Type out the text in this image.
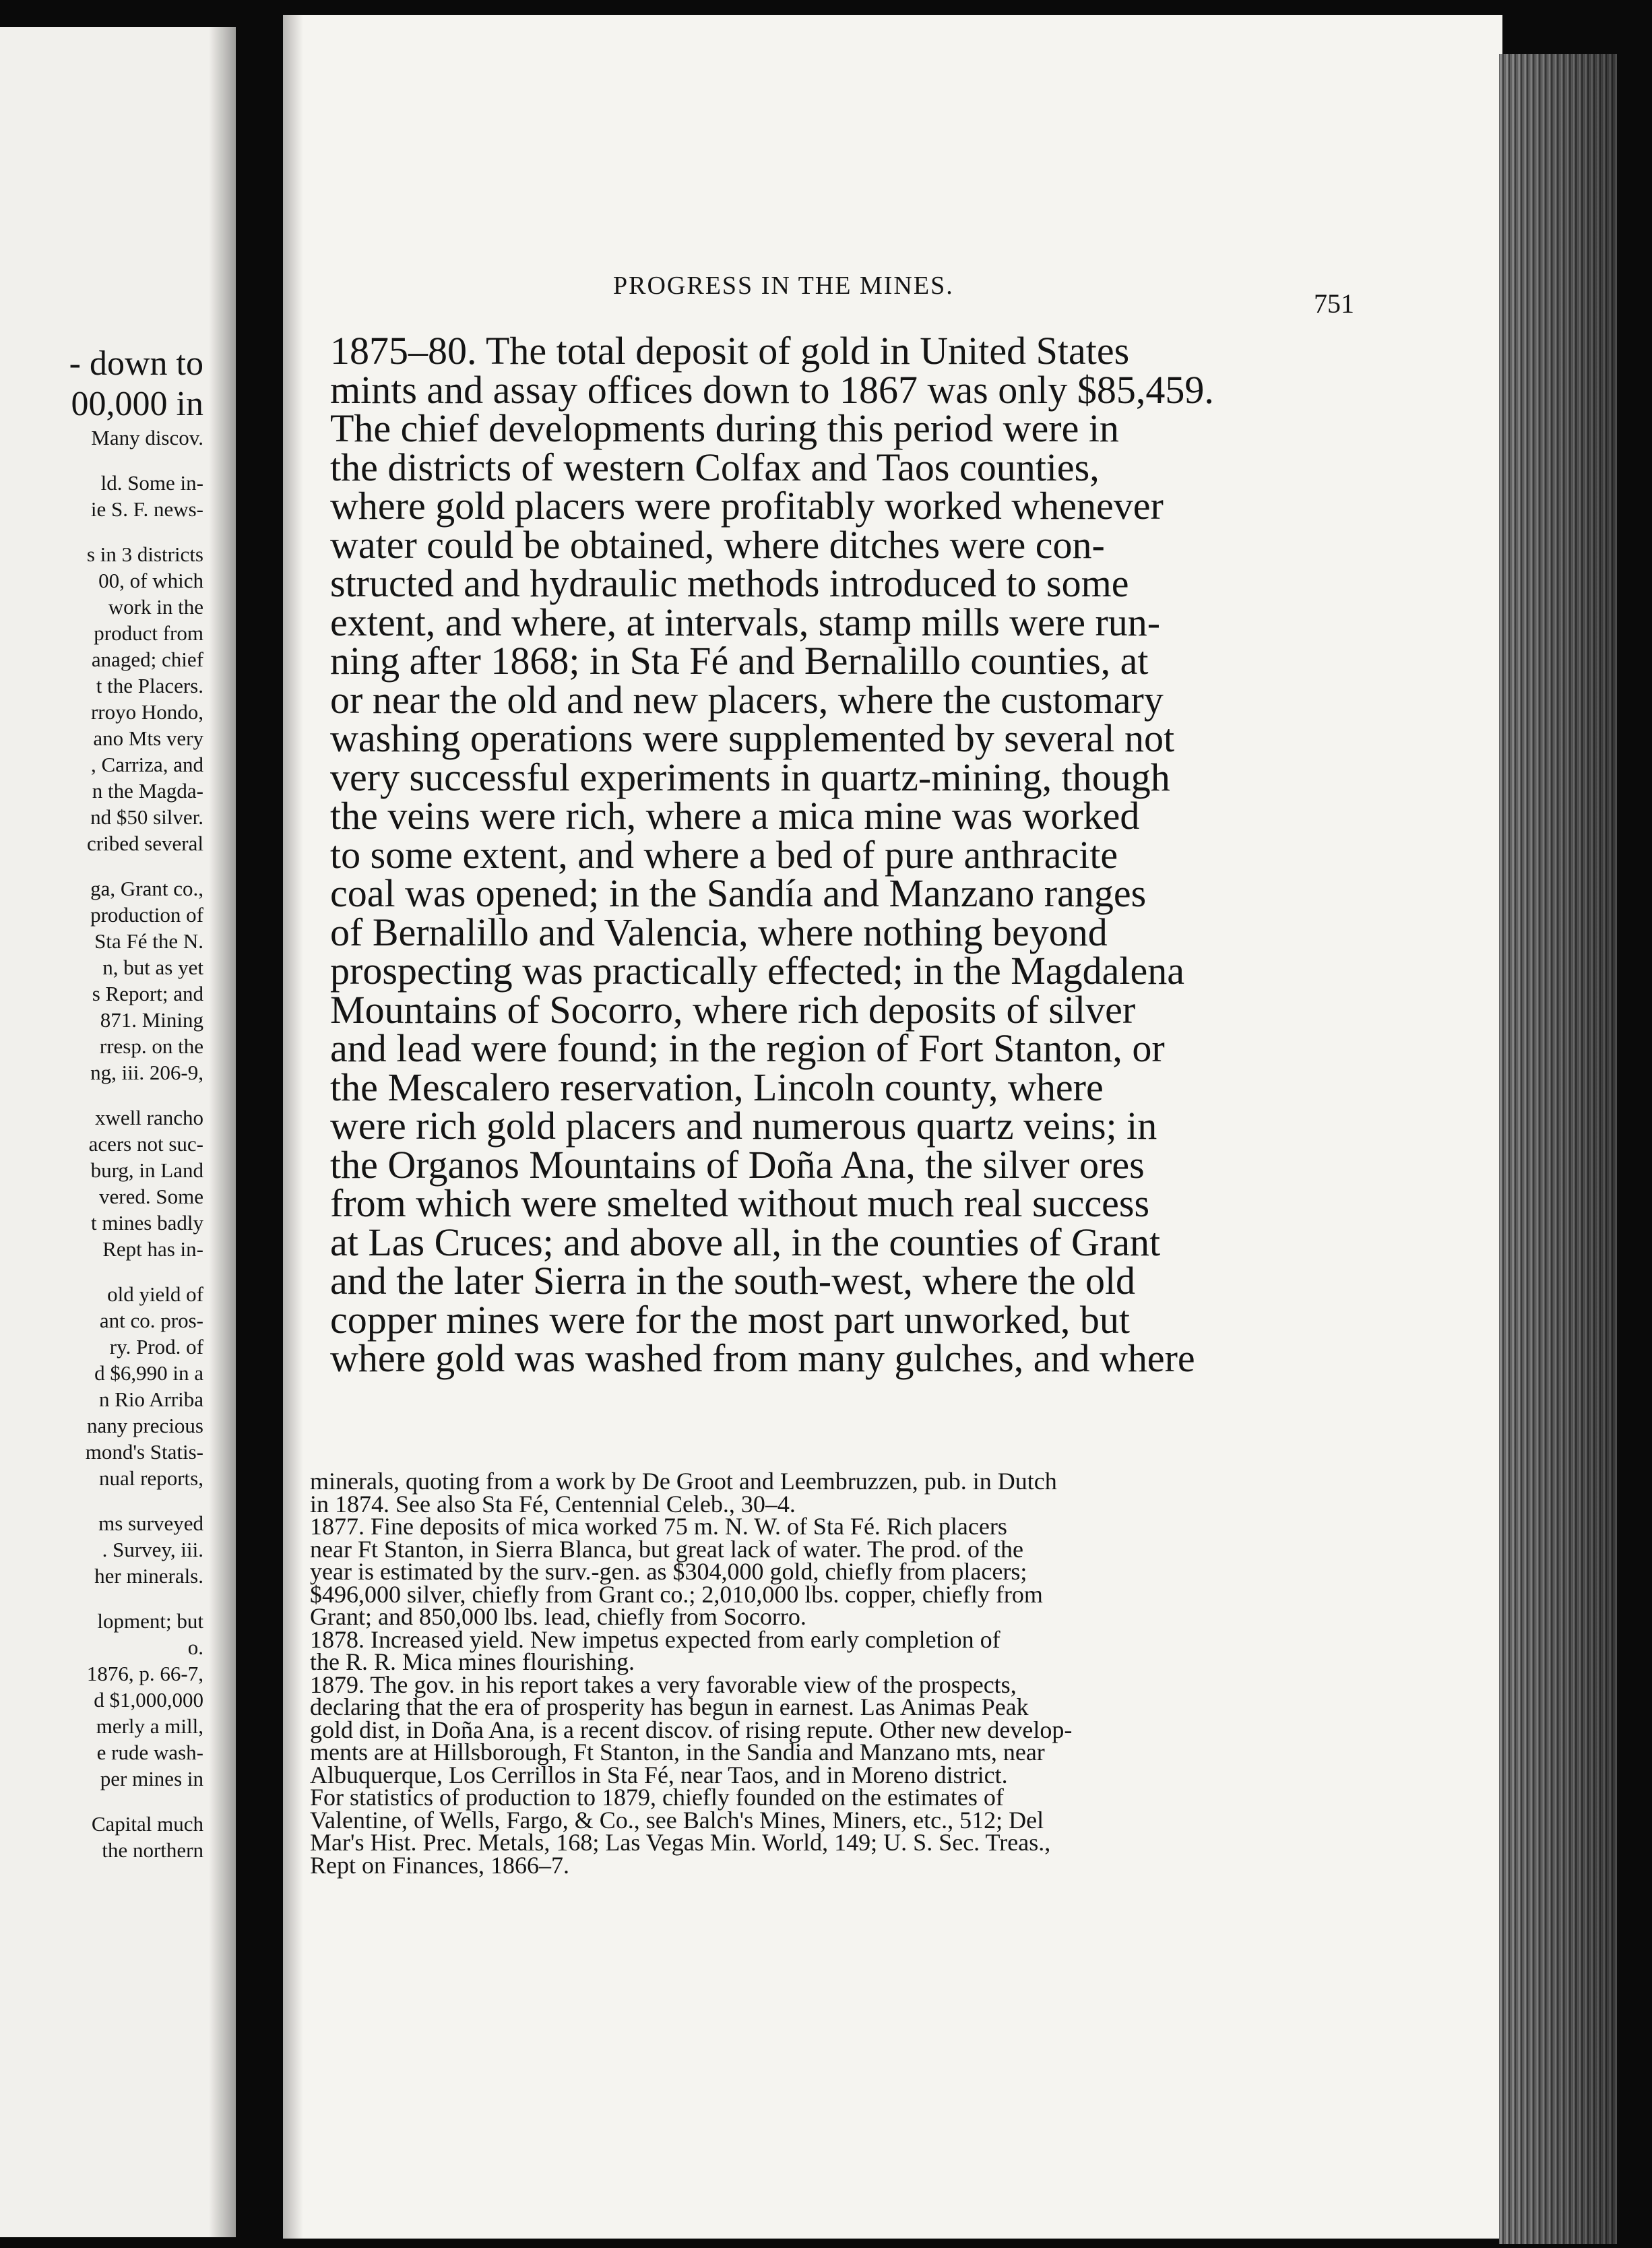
- down to
00,000 in
Many discov.
ld. Some in-
ie S. F. news-
s in 3 districts
00, of which
work in the
product from
anaged; chief
t the Placers.
rroyo Hondo,
ano Mts very
, Carriza, and
n the Magda-
nd $50 silver.
cribed several
ga, Grant co.,
production of
Sta Fé the N.
n, but as yet
s Report; and
871. Mining
rresp. on the
ng, iii. 206-9,
xwell rancho
acers not suc-
burg, in Land
vered. Some
t mines badly
Rept has in-
old yield of
ant co. pros-
ry. Prod. of
d $6,990 in a
n Rio Arriba
nany precious
mond's Statis-
nual reports,
ms surveyed
. Survey, iii.
her minerals.
lopment; but
o.
1876, p. 66-7,
d $1,000,000
merly a mill,
e rude wash-
per mines in
Capital much
the northern
PROGRESS IN THE MINES.
751
1875–80. The total deposit of gold in United States
mints and assay offices down to 1867 was only $85,459.
The chief developments during this period were in
the districts of western Colfax and Taos counties,
where gold placers were profitably worked whenever
water could be obtained, where ditches were con-
structed and hydraulic methods introduced to some
extent, and where, at intervals, stamp mills were run-
ning after 1868; in Sta Fé and Bernalillo counties, at
or near the old and new placers, where the customary
washing operations were supplemented by several not
very successful experiments in quartz-mining, though
the veins were rich, where a mica mine was worked
to some extent, and where a bed of pure anthracite
coal was opened; in the Sandía and Manzano ranges
of Bernalillo and Valencia, where nothing beyond
prospecting was practically effected; in the Magdalena
Mountains of Socorro, where rich deposits of silver
and lead were found; in the region of Fort Stanton, or
the Mescalero reservation, Lincoln county, where
were rich gold placers and numerous quartz veins; in
the Organos Mountains of Doña Ana, the silver ores
from which were smelted without much real success
at Las Cruces; and above all, in the counties of Grant
and the later Sierra in the south-west, where the old
copper mines were for the most part unworked, but
where gold was washed from many gulches, and where
minerals, quoting from a work by De Groot and Leembruzzen, pub. in Dutch
in 1874. See also Sta Fé, Centennial Celeb., 30–4.
1877. Fine deposits of mica worked 75 m. N. W. of Sta Fé. Rich placers
near Ft Stanton, in Sierra Blanca, but great lack of water. The prod. of the
year is estimated by the surv.-gen. as $304,000 gold, chiefly from placers;
$496,000 silver, chiefly from Grant co.; 2,010,000 lbs. copper, chiefly from
Grant; and 850,000 lbs. lead, chiefly from Socorro.
1878. Increased yield. New impetus expected from early completion of
the R. R. Mica mines flourishing.
1879. The gov. in his report takes a very favorable view of the prospects,
declaring that the era of prosperity has begun in earnest. Las Animas Peak
gold dist, in Doña Ana, is a recent discov. of rising repute. Other new develop-
ments are at Hillsborough, Ft Stanton, in the Sandia and Manzano mts, near
Albuquerque, Los Cerrillos in Sta Fé, near Taos, and in Moreno district.
For statistics of production to 1879, chiefly founded on the estimates of
Valentine, of Wells, Fargo, & Co., see Balch's Mines, Miners, etc., 512; Del
Mar's Hist. Prec. Metals, 168; Las Vegas Min. World, 149; U. S. Sec. Treas.,
Rept on Finances, 1866–7.
